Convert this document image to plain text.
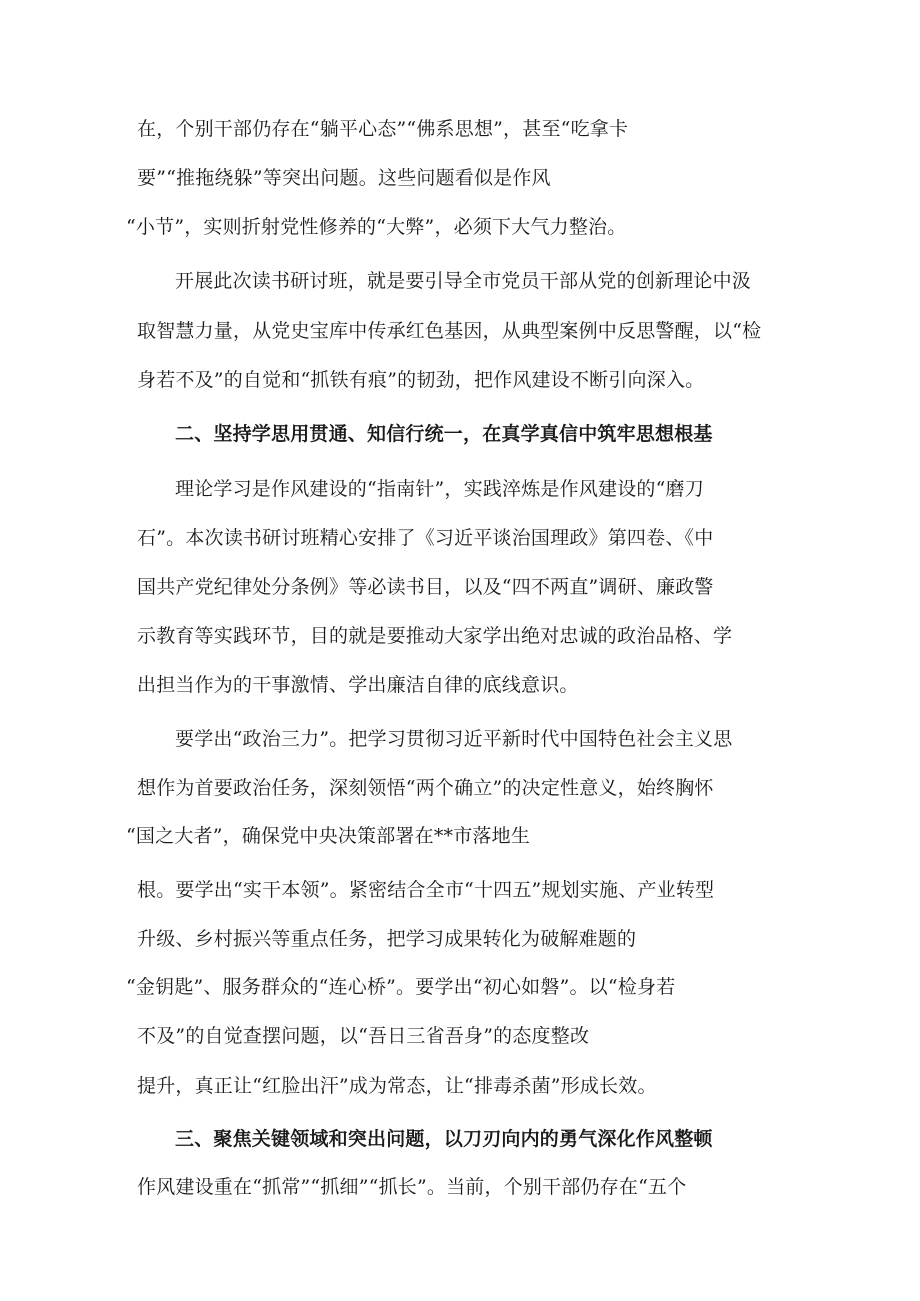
在，个别干部仍存在“躺平心态”“佛系思想”，甚至“吃拿卡
要”“推拖绕躲”等突出问题。这些问题看似是作风
“小节”，实则折射党性修养的“大弊”，必须下大气力整治。
开展此次读书研讨班，就是要引导全市党员干部从党的创新理论中汲
取智慧力量，从党史宝库中传承红色基因，从典型案例中反思警醒，以“检
身若不及”的自觉和“抓铁有痕”的韧劲，把作风建设不断引向深入。
二、坚持学思用贯通、知信行统一，在真学真信中筑牢思想根基
理论学习是作风建设的“指南针”，实践淬炼是作风建设的“磨刀
石”。本次读书研讨班精心安排了《习近平谈治国理政》第四卷、《中
国共产党纪律处分条例》等必读书目，以及“四不两直”调研、廉政警
示教育等实践环节，目的就是要推动大家学出绝对忠诚的政治品格、学
出担当作为的干事激情、学出廉洁自律的底线意识。
要学出“政治三力”。把学习贯彻习近平新时代中国特色社会主义思
想作为首要政治任务，深刻领悟“两个确立”的决定性意义，始终胸怀
“国之大者”，确保党中央决策部署在**市落地生
根。要学出“实干本领”。紧密结合全市“十四五”规划实施、产业转型
升级、乡村振兴等重点任务，把学习成果转化为破解难题的
“金钥匙”、服务群众的“连心桥”。要学出“初心如磐”。以“检身若
不及”的自觉查摆问题，以“吾日三省吾身”的态度整改
提升，真正让“红脸出汗”成为常态，让“排毒杀菌”形成长效。
三、聚焦关键领域和突出问题，以刀刃向内的勇气深化作风整顿
作风建设重在“抓常”“抓细”“抓长”。当前，个别干部仍存在“五个
